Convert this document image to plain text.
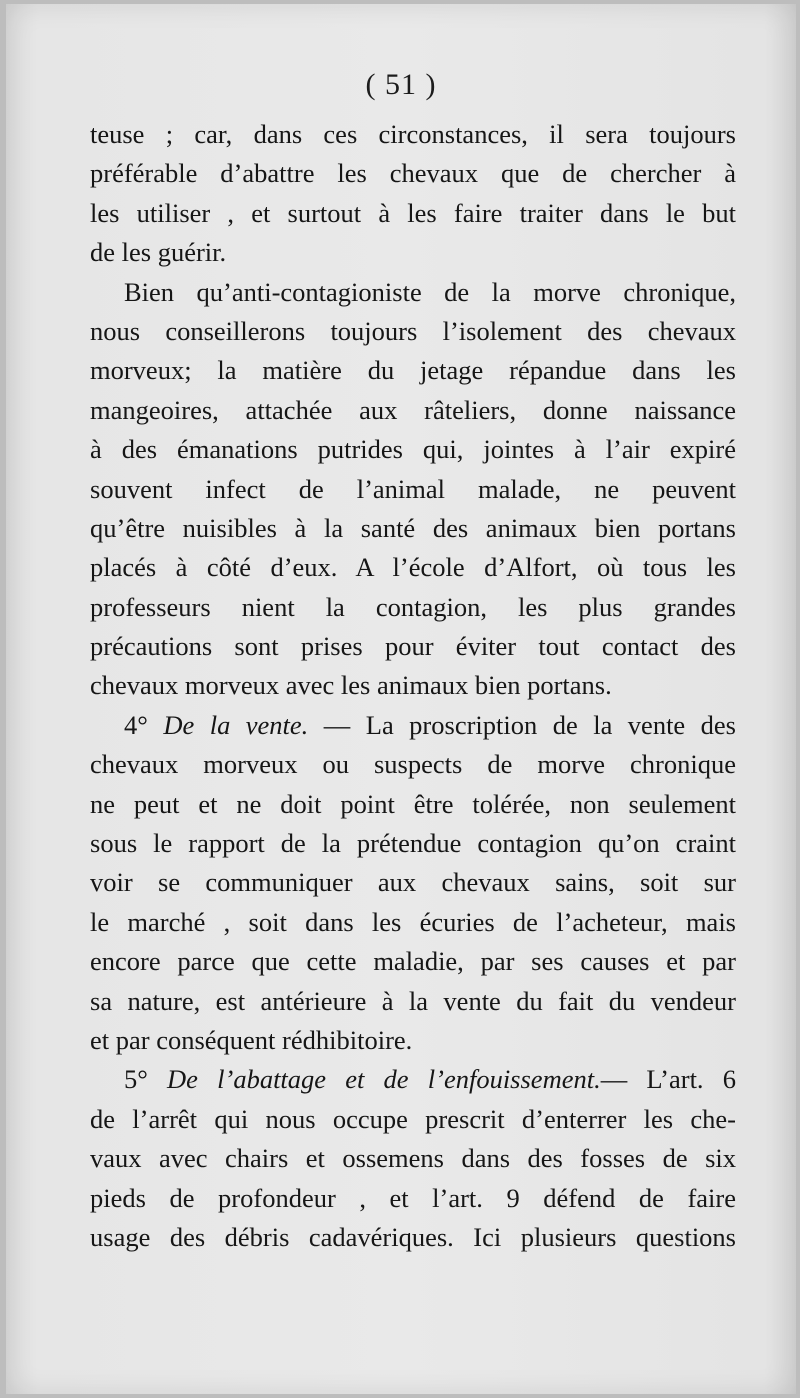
( 51 )
teuse ; car, dans ces circonstances, il sera toujours
préférable d’abattre les chevaux que de chercher à
les utiliser , et surtout à les faire traiter dans le but
de les guérir.
Bien qu’anti-contagioniste de la morve chronique,
nous conseillerons toujours l’isolement des chevaux
morveux; la matière du jetage répandue dans les
mangeoires, attachée aux râteliers, donne naissance
à des émanations putrides qui, jointes à l’air expiré
souvent infect de l’animal malade, ne peuvent
qu’être nuisibles à la santé des animaux bien portans
placés à côté d’eux. A l’école d’Alfort, où tous les
professeurs nient la contagion, les plus grandes
précautions sont prises pour éviter tout contact des
chevaux morveux avec les animaux bien portans.
4° De la vente. — La proscription de la vente des
chevaux morveux ou suspects de morve chronique
ne peut et ne doit point être tolérée, non seulement
sous le rapport de la prétendue contagion qu’on craint
voir se communiquer aux chevaux sains, soit sur
le marché , soit dans les écuries de l’acheteur, mais
encore parce que cette maladie, par ses causes et par
sa nature, est antérieure à la vente du fait du vendeur
et par conséquent rédhibitoire.
5° De l’abattage et de l’enfouissement.— L’art. 6
de l’arrêt qui nous occupe prescrit d’enterrer les che-
vaux avec chairs et ossemens dans des fosses de six
pieds de profondeur , et l’art. 9 défend de faire
usage des débris cadavériques. Ici plusieurs questions
